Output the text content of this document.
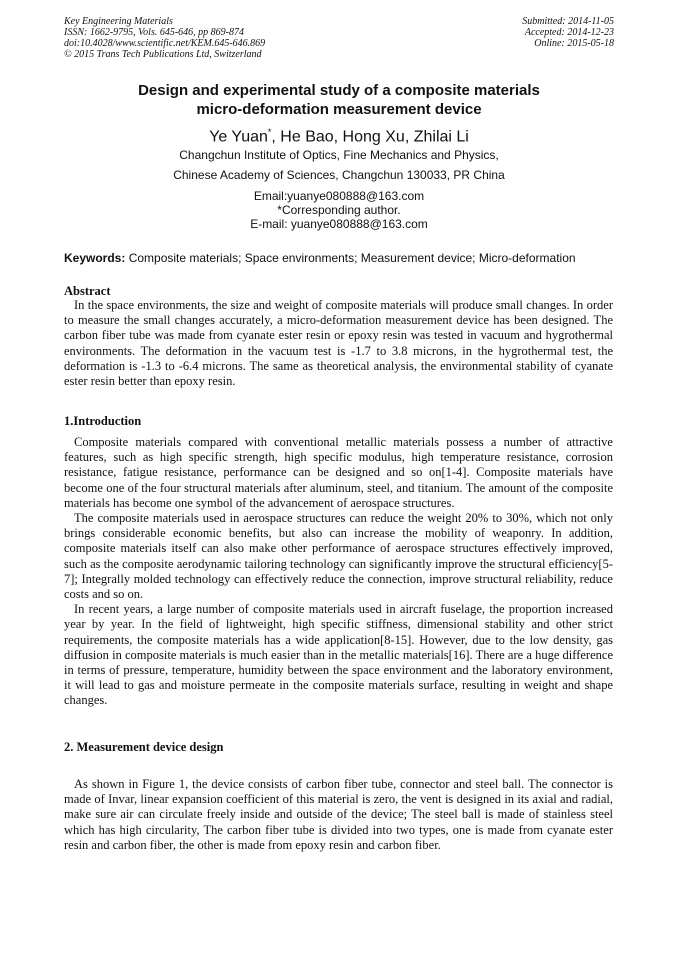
Key Engineering Materials
ISSN: 1662-9795, Vols. 645-646, pp 869-874
doi:10.4028/www.scientific.net/KEM.645-646.869
© 2015 Trans Tech Publications Ltd, Switzerland
Submitted: 2014-11-05
Accepted: 2014-12-23
Online: 2015-05-18
Design and experimental study of a composite materials
micro-deformation measurement device
Ye Yuan*, He Bao, Hong Xu, Zhilai Li
Changchun Institute of Optics, Fine Mechanics and Physics,
Chinese Academy of Sciences, Changchun 130033, PR China
Email:yuanye080888@163.com
*Corresponding author.
E-mail: yuanye080888@163.com
Keywords: Composite materials; Space environments; Measurement device; Micro-deformation
Abstract

In the space environments, the size and weight of composite materials will produce small changes. In order to measure the small changes accurately, a micro-deformation measurement device has been designed. The carbon fiber tube was made from cyanate ester resin or epoxy resin was tested in vacuum and hygrothermal environments. The deformation in the vacuum test is -1.7 to 3.8 microns, in the hygrothermal test, the deformation is -1.3 to -6.4 microns. The same as theoretical analysis, the environmental stability of cyanate ester resin better than epoxy resin.

1.Introduction

Composite materials compared with conventional metallic materials possess a number of attractive features, such as high specific strength, high specific modulus, high temperature resistance, corrosion resistance, fatigue resistance, performance can be designed and so on[1-4]. Composite materials have become one of the four structural materials after aluminum, steel, and titanium. The amount of the composite materials has become one symbol of the advancement of aerospace structures.

The composite materials used in aerospace structures can reduce the weight 20% to 30%, which not only brings considerable economic benefits, but also can increase the mobility of weaponry. In addition, composite materials itself can also make other performance of aerospace structures effectively improved, such as the composite aerodynamic tailoring technology can significantly improve the structural efficiency[5-7]; Integrally molded technology can effectively reduce the connection, improve structural reliability, reduce costs and so on.

In recent years, a large number of composite materials used in aircraft fuselage, the proportion increased year by year. In the field of lightweight, high specific stiffness, dimensional stability and other strict requirements, the composite materials has a wide application[8-15]. However, due to the low density, gas diffusion in composite materials is much easier than in the metallic materials[16]. There are a huge difference in terms of pressure, temperature, humidity between the space environment and the laboratory environment, it will lead to gas and moisture permeate in the composite materials surface, resulting in weight and shape changes.

2. Measurement device design

As shown in Figure 1, the device consists of carbon fiber tube, connector and steel ball. The connector is made of Invar, linear expansion coefficient of this material is zero, the vent is designed in its axial and radial, make sure air can circulate freely inside and outside of the device; The steel ball is made of stainless steel which has high circularity, The carbon fiber tube is divided into two types, one is made from cyanate ester resin and carbon fiber, the other is made from epoxy resin and carbon fiber.
